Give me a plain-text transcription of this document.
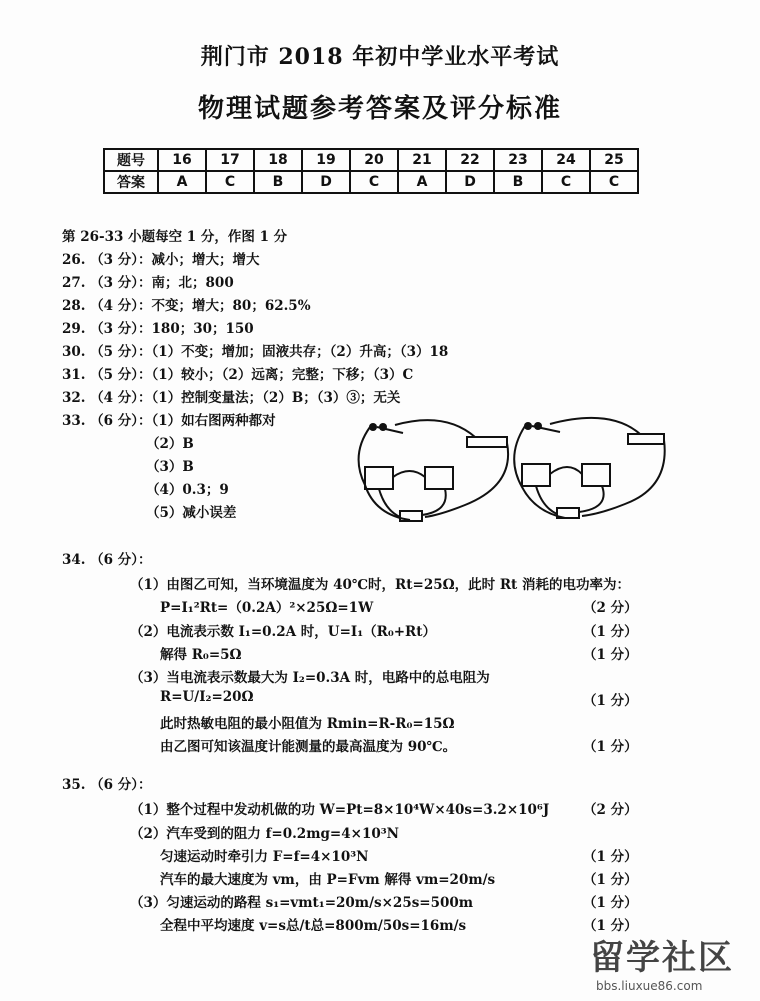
荆门市 2018 年初中学业水平考试
物理试题参考答案及评分标准
题号	16	17	18	19	20	21	22	23	24	25
答案	A	C	B	D	C	A	D	B	C	C
第 26-33 小题每空 1 分，作图 1 分
26. （3 分）：减小；增大；增大
27. （3 分）：南；北；800
28. （4 分）：不变；增大；80；62.5%
29. （3 分）：180；30；150
30. （5 分）：（1）不变；增加；固液共存；（2）升高；（3）18
31. （5 分）：（1）较小；（2）远离；完整；下移；（3）C
32. （4 分）：（1）控制变量法；（2）B；（3）③；无关
33. （6 分）：（1）如右图两种都对
（2）B
（3）B
（4）0.3；9
（5）减小误差
34. （6 分）：
（1）由图乙可知，当环境温度为 40℃时，Rt=25Ω，此时 Rt 消耗的电功率为：
P=I₁²Rt=（0.2A）²×25Ω=1W	（2 分）
（2）电流表示数 I₁=0.2A 时，U=I₁（R₀+Rt）	（1 分）
解得 R₀=5Ω	（1 分）
（3）当电流表示数最大为 I₂=0.3A 时，电路中的总电阻为
R=U/I₂=20Ω	（1 分）
此时热敏电阻的最小阻值为 Rmin=R-R₀=15Ω
由乙图可知该温度计能测量的最高温度为 90℃。	（1 分）
35. （6 分）：
（1）整个过程中发动机做的功 W=Pt=8×10⁴W×40s=3.2×10⁶J	（2 分）
（2）汽车受到的阻力 f=0.2mg=4×10³N
匀速运动时牵引力 F=f=4×10³N	（1 分）
汽车的最大速度为 vm，由 P=Fvm 解得 vm=20m/s	（1 分）
（3）匀速运动的路程 s₁=vmt₁=20m/s×25s=500m	（1 分）
全程中平均速度 v=s总/t总=800m/50s=16m/s	（1 分）
留学社区
bbs.liuxue86.com
